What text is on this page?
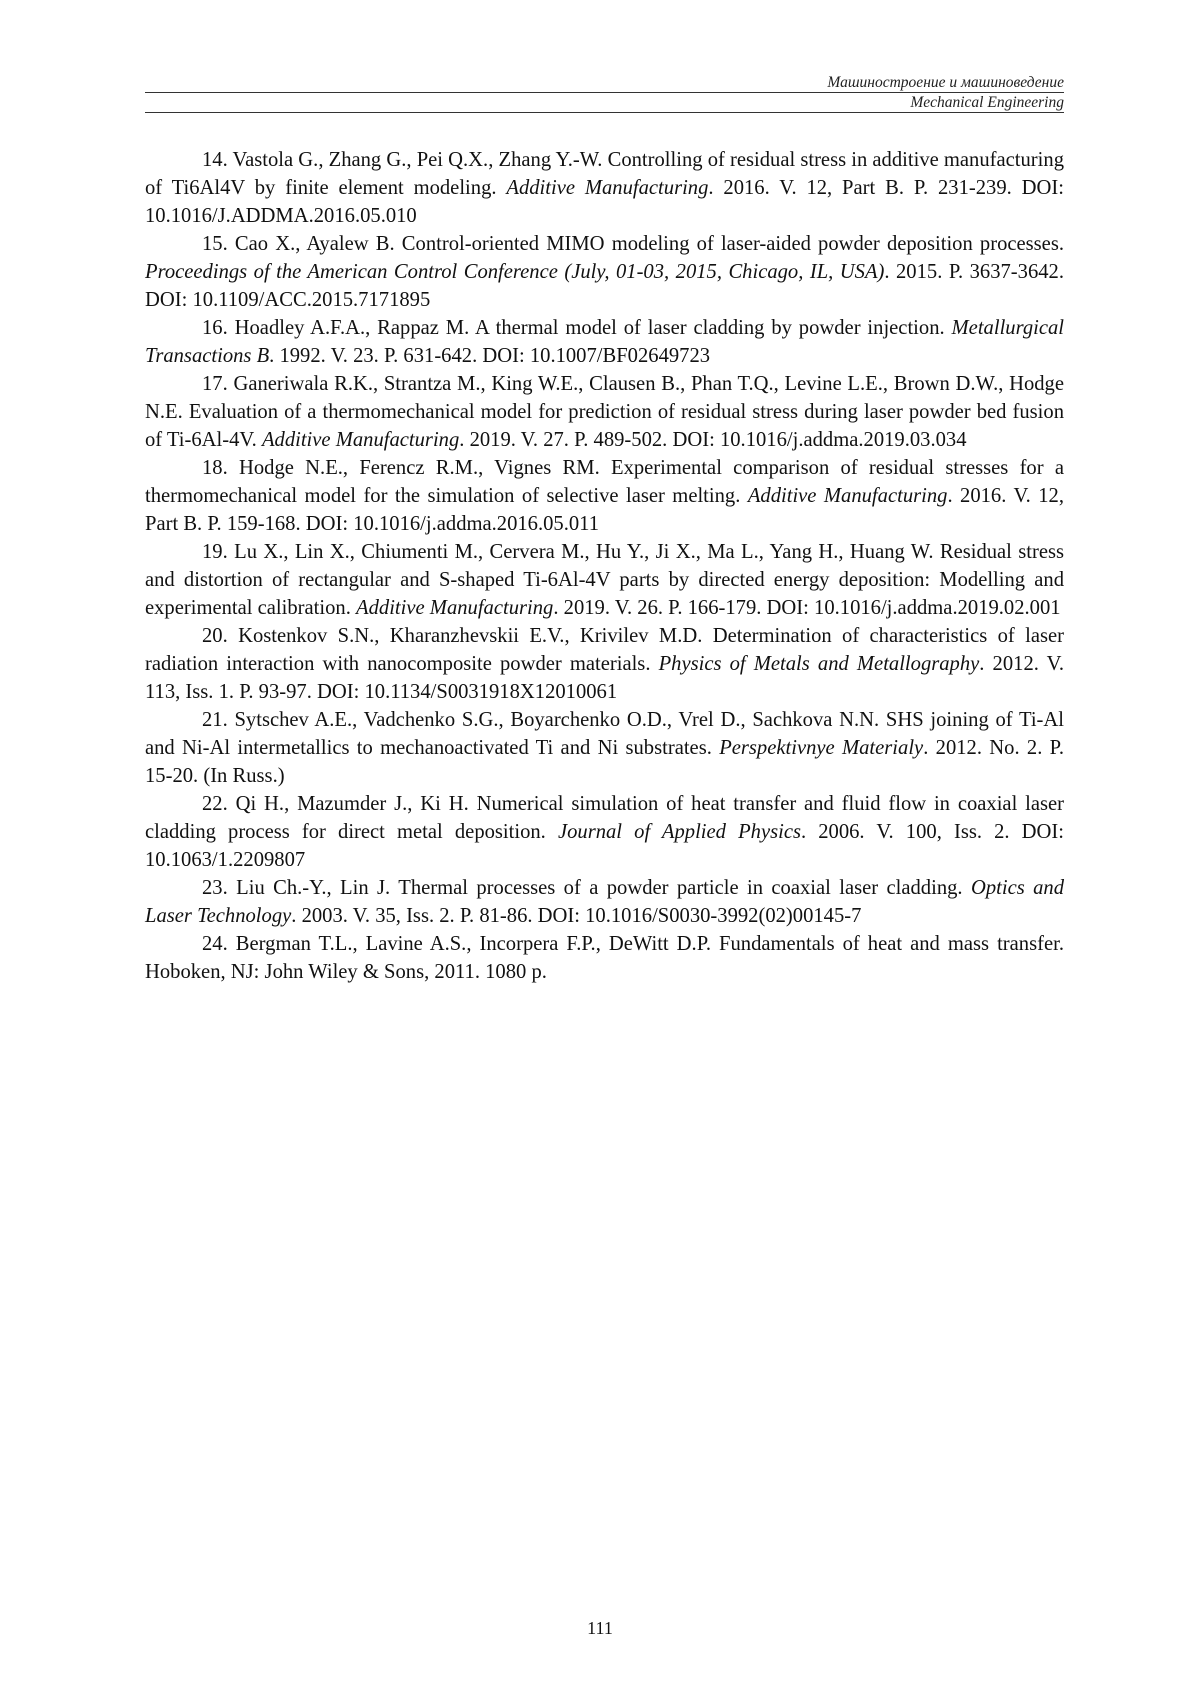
Машиностроение и машиноведение
Mechanical Engineering

14. Vastola G., Zhang G., Pei Q.X., Zhang Y.-W. Controlling of residual stress in additive manufacturing of Ti6Al4V by finite element modeling. Additive Manufacturing. 2016. V. 12, Part B. P. 231-239. DOI: 10.1016/J.ADDMA.2016.05.010

15. Cao X., Ayalew B. Control-oriented MIMO modeling of laser-aided powder deposition processes. Proceedings of the American Control Conference (July, 01-03, 2015, Chicago, IL, USA). 2015. P. 3637-3642. DOI: 10.1109/ACC.2015.7171895

16. Hoadley A.F.A., Rappaz M. A thermal model of laser cladding by powder injection. Metallurgical Transactions B. 1992. V. 23. P. 631-642. DOI: 10.1007/BF02649723

17. Ganeriwala R.K., Strantza M., King W.E., Clausen B., Phan T.Q., Levine L.E., Brown D.W., Hodge N.E. Evaluation of a thermomechanical model for prediction of residual stress during laser powder bed fusion of Ti-6Al-4V. Additive Manufacturing. 2019. V. 27. P. 489-502. DOI: 10.1016/j.addma.2019.03.034

18. Hodge N.E., Ferencz R.M., Vignes RM. Experimental comparison of residual stresses for a thermomechanical model for the simulation of selective laser melting. Additive Manufacturing. 2016. V. 12, Part B. P. 159-168. DOI: 10.1016/j.addma.2016.05.011

19. Lu X., Lin X., Chiumenti M., Cervera M., Hu Y., Ji X., Ma L., Yang H., Huang W. Residual stress and distortion of rectangular and S-shaped Ti-6Al-4V parts by directed energy deposition: Modelling and experimental calibration. Additive Manufacturing. 2019. V. 26. P. 166-179. DOI: 10.1016/j.addma.2019.02.001

20. Kostenkov S.N., Kharanzhevskii E.V., Krivilev M.D. Determination of characteristics of laser radiation interaction with nanocomposite powder materials. Physics of Metals and Metallography. 2012. V. 113, Iss. 1. P. 93-97. DOI: 10.1134/S0031918X12010061

21. Sytschev A.E., Vadchenko S.G., Boyarchenko O.D., Vrel D., Sachkova N.N. SHS joining of Ti-Al and Ni-Al intermetallics to mechanoactivated Ti and Ni substrates. Perspektivnye Materialy. 2012. No. 2. P. 15-20. (In Russ.)

22. Qi H., Mazumder J., Ki H. Numerical simulation of heat transfer and fluid flow in coaxial laser cladding process for direct metal deposition. Journal of Applied Physics. 2006. V. 100, Iss. 2. DOI: 10.1063/1.2209807

23. Liu Ch.-Y., Lin J. Thermal processes of a powder particle in coaxial laser cladding. Optics and Laser Technology. 2003. V. 35, Iss. 2. P. 81-86. DOI: 10.1016/S0030-3992(02)00145-7

24. Bergman T.L., Lavine A.S., Incorpera F.P., DeWitt D.P. Fundamentals of heat and mass transfer. Hoboken, NJ: John Wiley & Sons, 2011. 1080 p.

111
